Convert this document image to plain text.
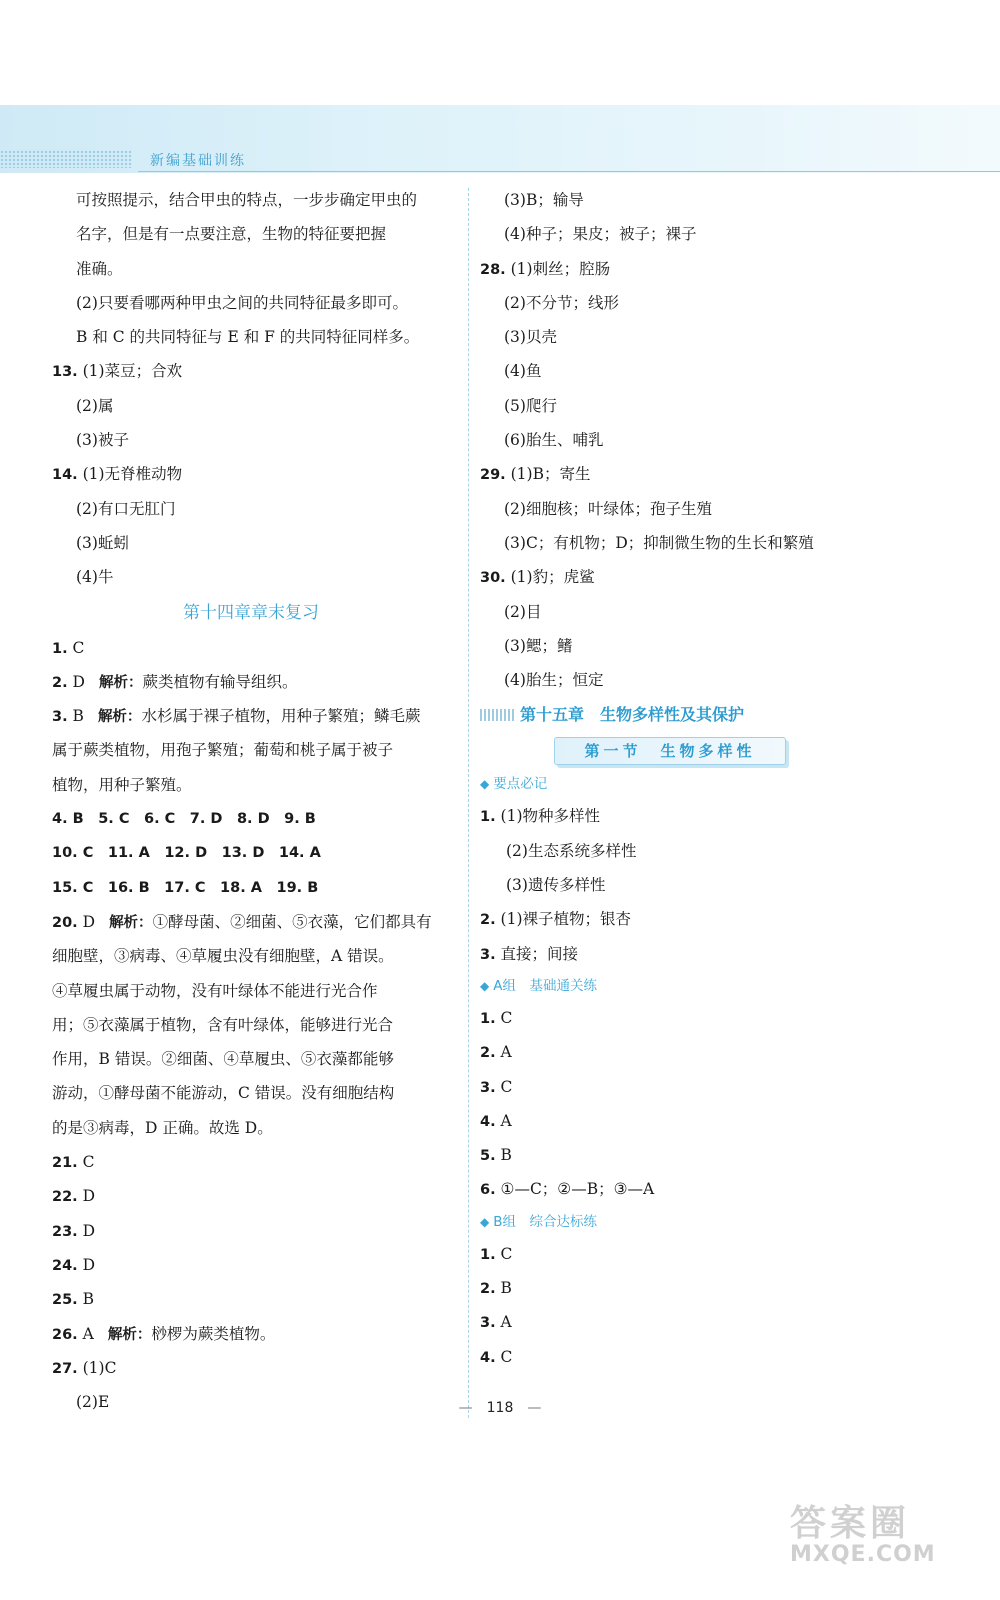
新编基础训练
可按照提示，结合甲虫的特点，一步步确定甲虫的
名字，但是有一点要注意，生物的特征要把握
准确。
(2)只要看哪两种甲虫之间的共同特征最多即可。
B 和 C 的共同特征与 E 和 F 的共同特征同样多。
13. (1)菜豆；合欢
(2)属
(3)被子
14. (1)无脊椎动物
(2)有口无肛门
(3)蚯蚓
(4)牛
第十四章章末复习
1. C
2. D 解析：蕨类植物有输导组织。
3. B 解析：水杉属于裸子植物，用种子繁殖；鳞毛蕨
属于蕨类植物，用孢子繁殖；葡萄和桃子属于被子
植物，用种子繁殖。
4. B　5. C　6. C　7. D　8. D　9. B
10. C　11. A　12. D　13. D　14. A
15. C　16. B　17. C　18. A　19. B
20. D 解析：①酵母菌、②细菌、⑤衣藻，它们都具有
细胞壁，③病毒、④草履虫没有细胞壁，A 错误。
④草履虫属于动物，没有叶绿体不能进行光合作
用；⑤衣藻属于植物，含有叶绿体，能够进行光合
作用，B 错误。②细菌、④草履虫、⑤衣藻都能够
游动，①酵母菌不能游动，C 错误。没有细胞结构
的是③病毒，D 正确。故选 D。
21. C
22. D
23. D
24. D
25. B
26. A 解析：桫椤为蕨类植物。
27. (1)C
(2)E
(3)B；输导
(4)种子；果皮；被子；裸子
28. (1)刺丝；腔肠
(2)不分节；线形
(3)贝壳
(4)鱼
(5)爬行
(6)胎生、哺乳
29. (1)B；寄生
(2)细胞核；叶绿体；孢子生殖
(3)C；有机物；D；抑制微生物的生长和繁殖
30. (1)豹；虎鲨
(2)目
(3)鳃；鳍
(4)胎生；恒定
第十五章　生物多样性及其保护
第一节　生物多样性
◆ 要点必记
1. (1)物种多样性
(2)生态系统多样性
(3)遗传多样性
2. (1)裸子植物；银杏
3. 直接；间接
◆ A组　基础通关练
1. C
2. A
3. C
4. A
5. B
6. ①—C；②—B；③—A
◆ B组　综合达标练
1. C
2. B
3. A
4. C
— 118 —
答案圈
MXQE.COM
